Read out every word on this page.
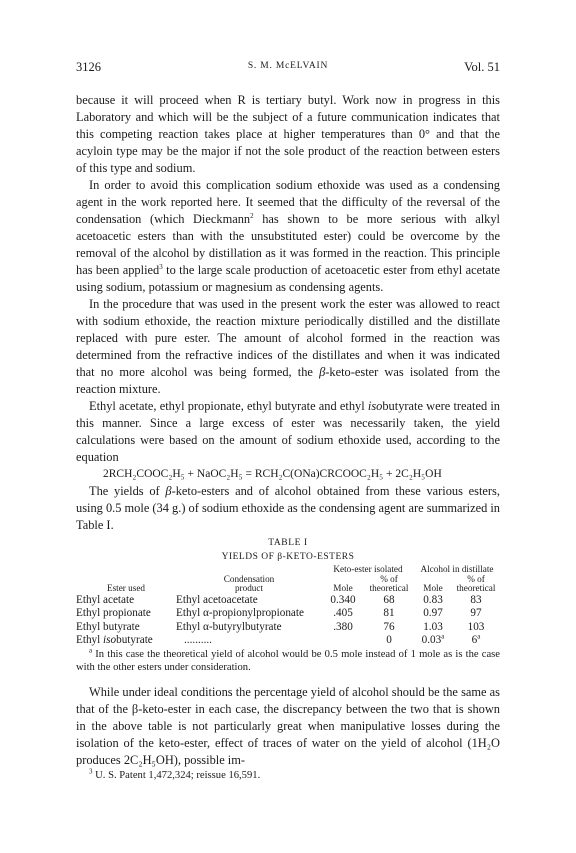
3126	S. M. McELVAIN	Vol. 51

because it will proceed when R is tertiary butyl. Work now in progress in this Laboratory and which will be the subject of a future communication indicates that this competing reaction takes place at higher temperatures than 0° and that the acyloin type may be the major if not the sole product of the reaction between esters of this type and sodium.

In order to avoid this complication sodium ethoxide was used as a condensing agent in the work reported here. It seemed that the difficulty of the reversal of the condensation (which Dieckmann$^2$ has shown to be more serious with alkyl acetoacetic esters than with the unsubstituted ester) could be overcome by the removal of the alcohol by distillation as it was formed in the reaction. This principle has been applied$^3$ to the large scale production of acetoacetic ester from ethyl acetate using sodium, potassium or magnesium as condensing agents.

In the procedure that was used in the present work the ester was allowed to react with sodium ethoxide, the reaction mixture periodically distilled and the distillate replaced with pure ester. The amount of alcohol formed in the reaction was determined from the refractive indices of the distillates and when it was indicated that no more alcohol was being formed, the β-keto-ester was isolated from the reaction mixture.

Ethyl acetate, ethyl propionate, ethyl butyrate and ethyl isobutyrate were treated in this manner. Since a large excess of ester was necessarily taken, the yield calculations were based on the amount of sodium ethoxide used, according to the equation

2RCH₂COOC₂H₅ + NaOC₂H₅ = RCH₂C(ONa)CRCOOC₂H₅ + 2C₂H₅OH

The yields of β-keto-esters and of alcohol obtained from these various esters, using 0.5 mole (34 g.) of sodium ethoxide as the condensing agent are summarized in Table I.

TABLE I
YIELDS OF β-KETO-ESTERS
		Keto-ester isolated		Alcohol in distillate	
	Condensation		% of		% of
Ester used	product	Mole	theoretical	Mole	theoretical
Ethyl acetate	Ethyl acetoacetate	0.340	68	0.83	83
Ethyl propionate	Ethyl α-propionylpropionate	.405	81	0.97	97
Ethyl butyrate	Ethyl α-butyrylbutyrate	.380	76	1.03	103
Ethyl isobutyrate	..........		0	0.03$^a$	6$^a$

$^a$ In this case the theoretical yield of alcohol would be 0.5 mole instead of 1 mole as is the case with the other esters under consideration.

While under ideal conditions the percentage yield of alcohol should be the same as that of the β-keto-ester in each case, the discrepancy between the two that is shown in the above table is not particularly great when manipulative losses during the isolation of the keto-ester, effect of traces of water on the yield of alcohol (1H₂O produces 2C₂H₅OH), possible im-

$^3$ U. S. Patent 1,472,324; reissue 16,591.
